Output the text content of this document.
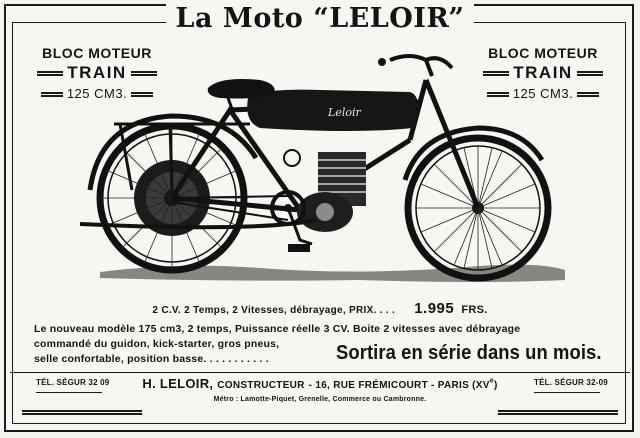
La Moto “LELOIR”
BLOC MOTEUR
TRAIN
125 CM3.
BLOC MOTEUR
TRAIN
125 CM3.
Leloir
2 C.V. 2 Temps, 2 Vitesses, débrayage, PRIX. . . . 1.995 FRS.
Le nouveau modèle 175 cm3, 2 temps, Puissance réelle 3 CV. Boite 2 vitesses avec débrayage
commandé du guidon, kick-starter, gros pneus,
selle confortable, position basse. . . . . . . . . . .	Sortira en série dans un mois.
TÉL. SÉGUR 32 09	TÉL. SÉGUR 32-09
H. LELOIR, CONSTRUCTEUR - 16, RUE FRÉMICOURT - PARIS (XVe)
Métro : Lamotte-Piquet, Grenelle, Commerce ou Cambronne.
